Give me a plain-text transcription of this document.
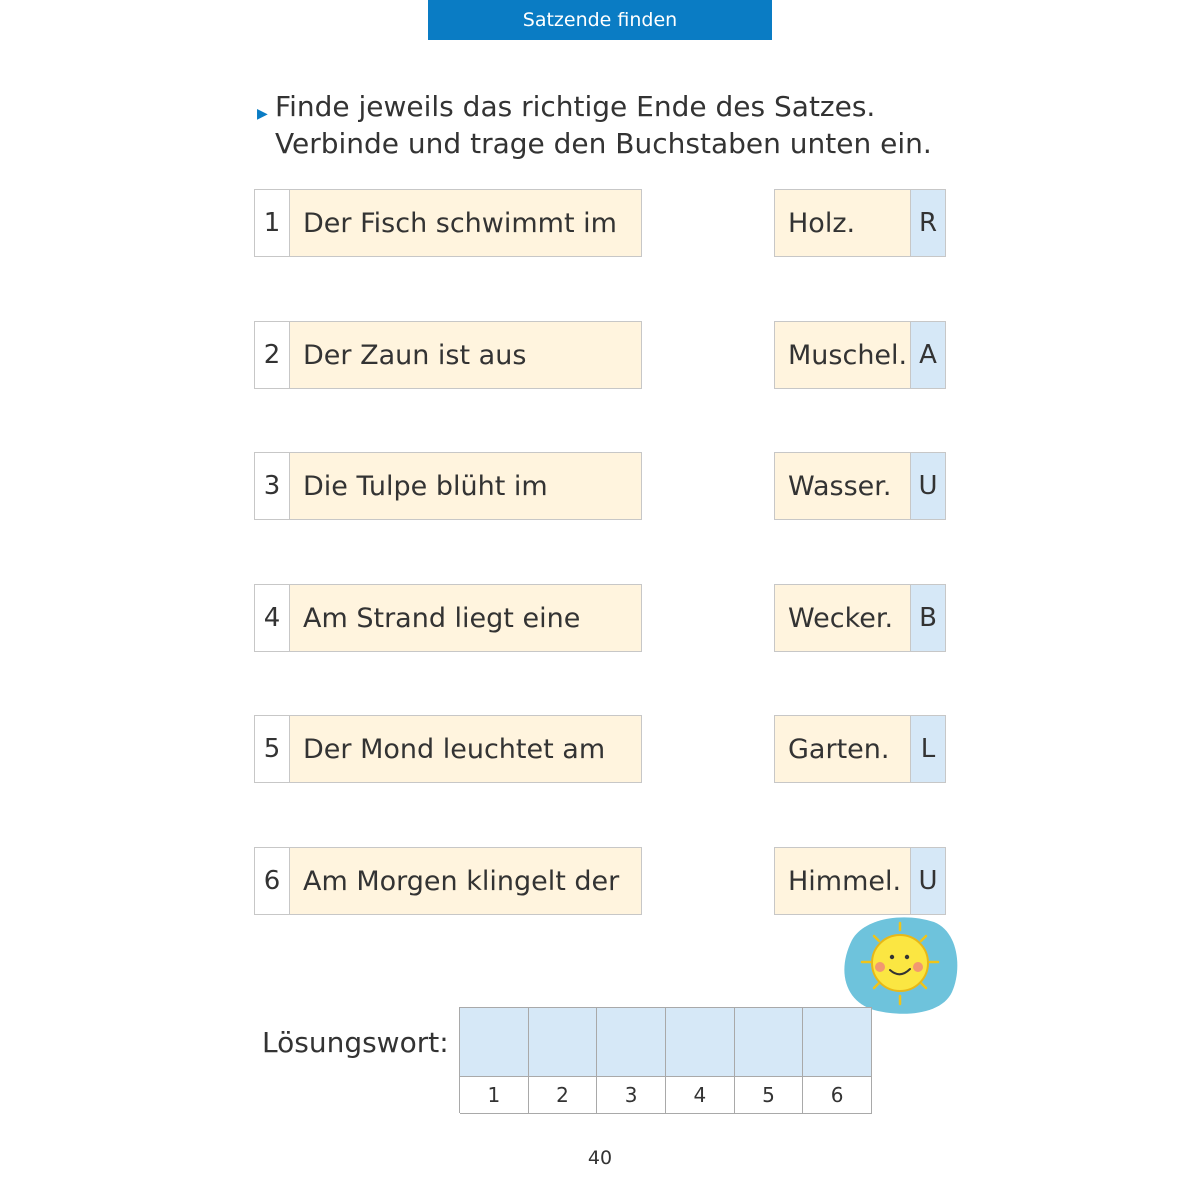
Satzende finden
▶ Finde jeweils das richtige Ende des Satzes.
Verbinde und trage den Buchstaben unten ein.
1 Der Fisch schwimmt im
2 Der Zaun ist aus
3 Die Tulpe blüht im
4 Am Strand liegt eine
5 Der Mond leuchtet am
6 Am Morgen klingelt der
Holz.	R
Muschel. A
Wasser.	U
Wecker.	B
Garten.	L
Himmel. U
Lösungswort:
1	2	3	4	5	6
40
